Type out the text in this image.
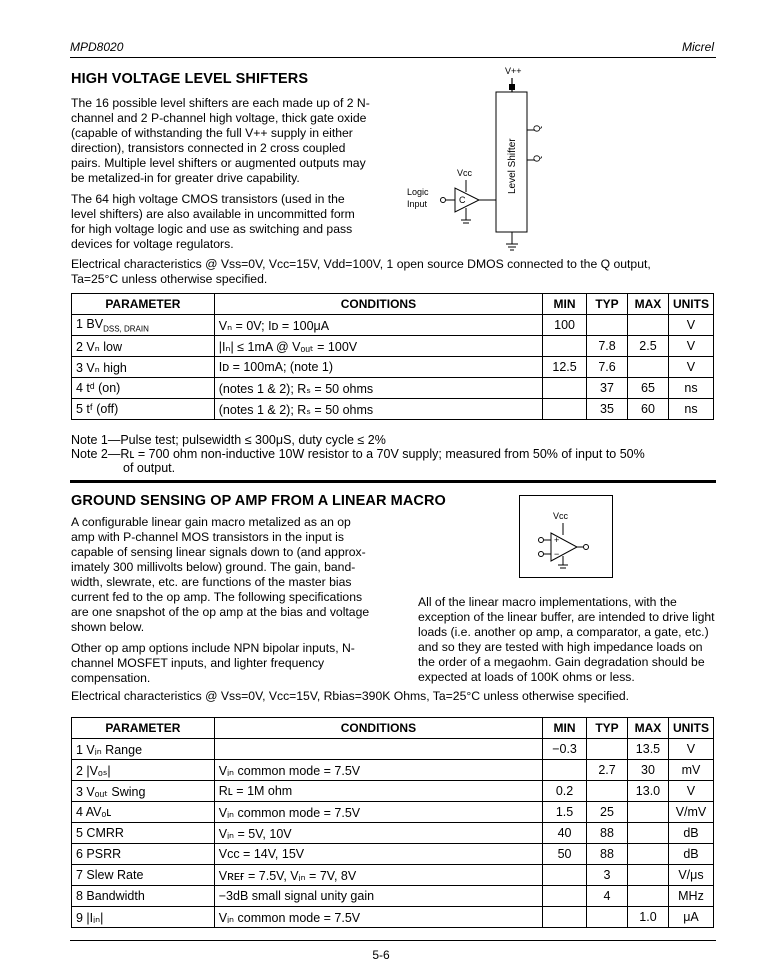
MPD8020	Micrel
HIGH VOLTAGE LEVEL SHIFTERS

The 16 possible level shifters are each made up of 2 N-channel and 2 P-channel high voltage, thick gate oxide (capable of withstanding the full V++ supply in either direction), transistors connected in 2 cross coupled pairs. Multiple level shifters or augmented outputs may be metalized-in for greater drive capability.

The 64 high voltage CMOS transistors (used in the level shifters) are also available in uncommitted form for high voltage logic and use as switching and pass devices for voltage regulators.

V++
Level Shifter
Q
Q
Vcc
Logic
Input	C
Electrical characteristics @ Vss=0V, Vcc=15V, Vdd=100V, 1 open source DMOS connected to the Q output,
Ta=25°C unless otherwise specified.
PARAMETER	CONDITIONS	MIN	TYP	MAX	UNITS
1 $BV_{DSS, DRAIN}$	Vₙ = 0V; Iᴅ = 100μA	100			V
2 Vₙ low	|Iₙ| ≤ 1mA @ Vₒᵤₜ = 100V		7.8	2.5	V
3 Vₙ high	Iᴅ = 100mA; (note 1)	12.5	7.6		V
4 tᵈ (on)	(notes 1 & 2); Rₛ = 50 ohms		37	65	ns
5 tᶠ (off)	(notes 1 & 2); Rₛ = 50 ohms		35	60	ns
Note 1—Pulse test; pulsewidth ≤ 300μS, duty cycle ≤ 2%
Note 2—Rʟ = 700 ohm non-inductive 10W resistor to a 70V supply; measured from 50% of input to 50%
of output.
GROUND SENSING OP AMP FROM A LINEAR MACRO

A configurable linear gain macro metalized as an op amp with P-channel MOS transistors in the input is capable of sensing linear signals down to (and approx- imately 300 millivolts below) ground. The gain, band- width, slewrate, etc. are functions of the master bias current fed to the op amp. The following specifications are one snapshot of the op amp at the bias and voltage shown below.

Other op amp options include NPN bipolar inputs, N-channel MOSFET inputs, and lighter frequency compensation.

Vcc
+
−

All of the linear macro implementations, with the exception of the linear buffer, are intended to drive light loads (i.e. another op amp, a comparator, a gate, etc.) and so they are tested with high impedance loads on the order of a megaohm. Gain degradation should be expected at loads of 100K ohms or less.

Electrical characteristics @ Vss=0V, Vcc=15V, Rbias=390K Ohms, Ta=25°C unless otherwise specified.
PARAMETER	CONDITIONS	MIN	TYP	MAX	UNITS
1 Vᵢₙ Range		−0.3		13.5	V
2 |Vₒₛ|	Vᵢₙ common mode = 7.5V		2.7	30	mV
3 Vₒᵤₜ Swing	Rʟ = 1M ohm	0.2		13.0	V
4 AVₒʟ	Vᵢₙ common mode = 7.5V	1.5	25		V/mV
5 CMRR	Vᵢₙ = 5V, 10V	40	88		dB
6 PSRR	Vᴄᴄ = 14V, 15V	50	88		dB
7 Slew Rate	Vʀᴇғ = 7.5V, Vᵢₙ = 7V, 8V		3		V/μs
8 Bandwidth	−3dB small signal unity gain		4		MHz
9 |Iᵢₙ|	Vᵢₙ common mode = 7.5V			1.0	μA
5-6
